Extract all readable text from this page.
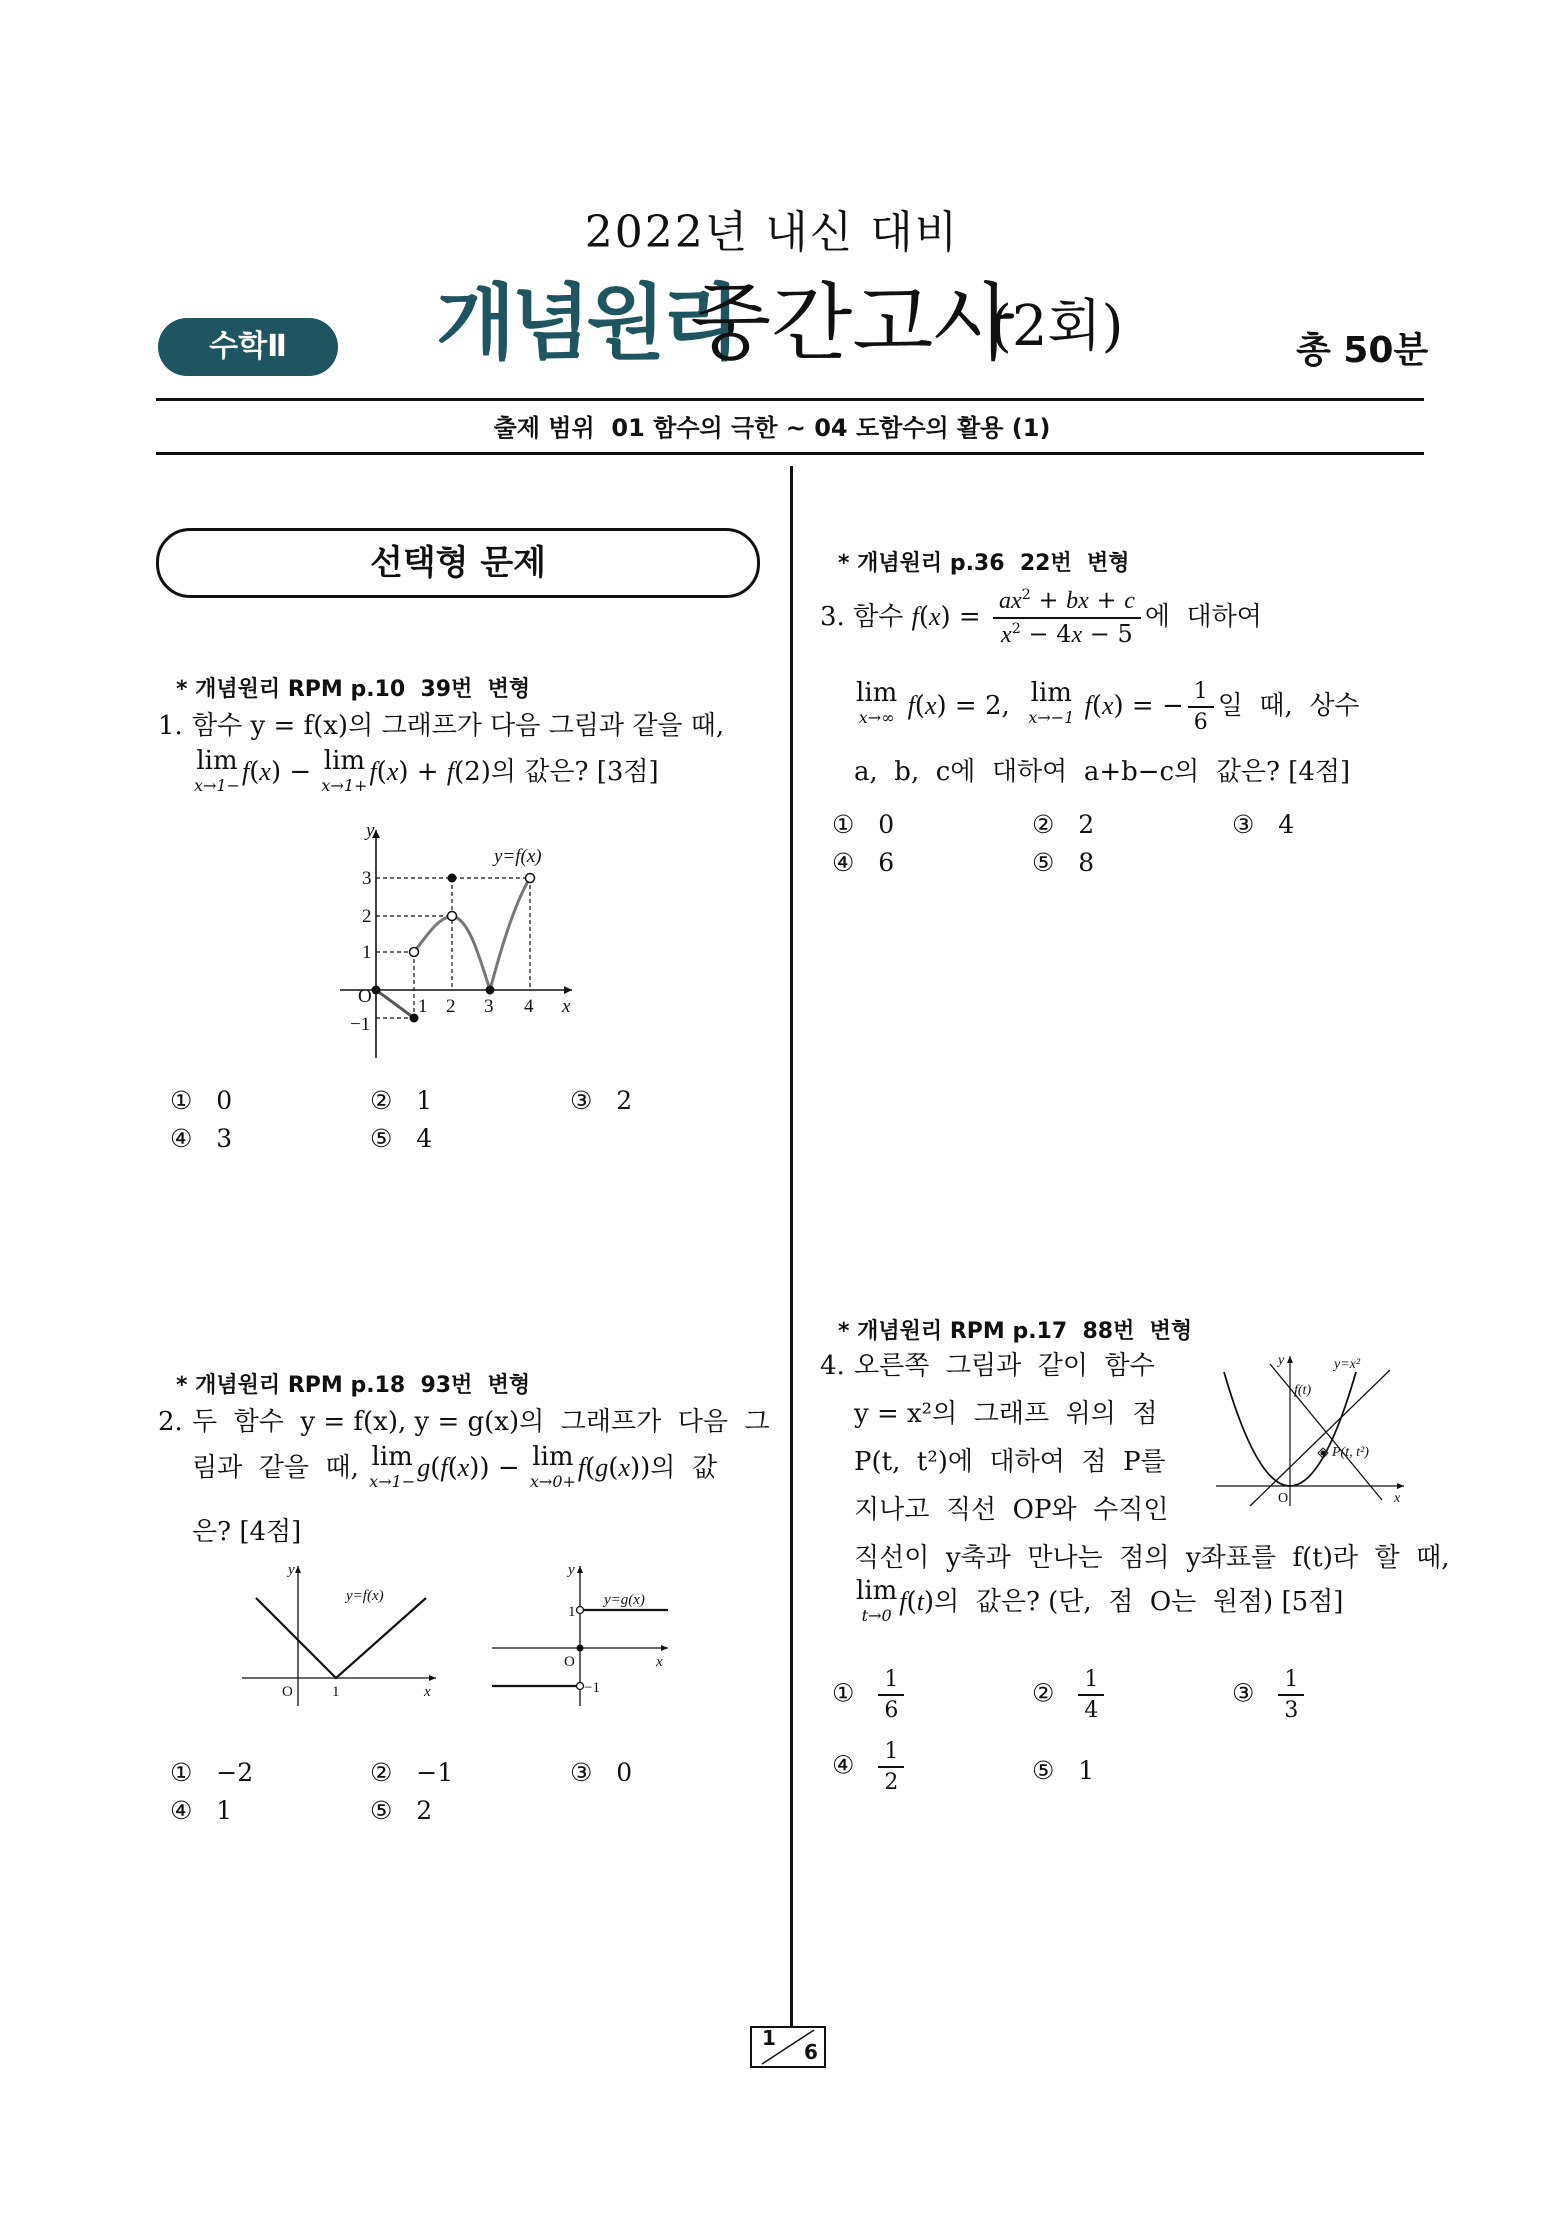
2022년 내신 대비
개념원리
중간고사
(2회)
수학Ⅱ	총 50분
출제 범위  01 함수의 극한 ~ 04 도함수의 활용 (1)
선택형 문제
* 개념원리 RPM p.10  39번  변형
1. 함수 y = f(x)의 그래프가 다음 그림과 같을 때,
lim
x→1− f(x) − lim
x→1+ f(x) + f(2)의 값은? [3점]
y
x
O
−1
1
2
3
1 2 3 4
y=f(x)
①   0	②   1	③   2
④   3	⑤   4
* 개념원리 RPM p.18  93번  변형
2. 두  함수  y = f(x), y = g(x)의  그래프가  다음  그
림과  같을  때, lim
x→1− g(f(x)) − lim
x→0+ f(g(x))의  값
은? [4점]
y
x
O	1
y=f(x)
y
x
O
1
−1
y=g(x)
①   −2	②   −1	③   0
④   1	⑤   2
* 개념원리 p.36  22번  변형
3. 함수 $f(x) = \frac{ax^2 + bx + c}{x^2 - 4x - 5}$ 에  대하여
lim
x→∞ f(x) = 2, lim
x→−1 f(x) = − $\frac{1}{6}$ 일  때,  상수
a,  b,  c에  대하여  a+b−c의  값은? [4점]
①   0	②   2	③   4
④   6	⑤   8
* 개념원리 RPM p.17  88번  변형
4. 오른쪽  그림과  같이  함수
y = x²의  그래프  위의  점
P(t,  t²)에  대하여  점  P를
지나고  직선  OP와  수직인
직선이  y축과  만나는  점의  y좌표를  f(t)라  할  때,
lim
t→0 f(t)의  값은? (단,  점  O는  원점) [5점]
y
x
O
y=x²
f(t)
P(t, t²)
① $\frac{1}{6}$	② $\frac{1}{4}$	③ $\frac{1}{3}$
④ $\frac{1}{2}$	⑤   1
1
6
